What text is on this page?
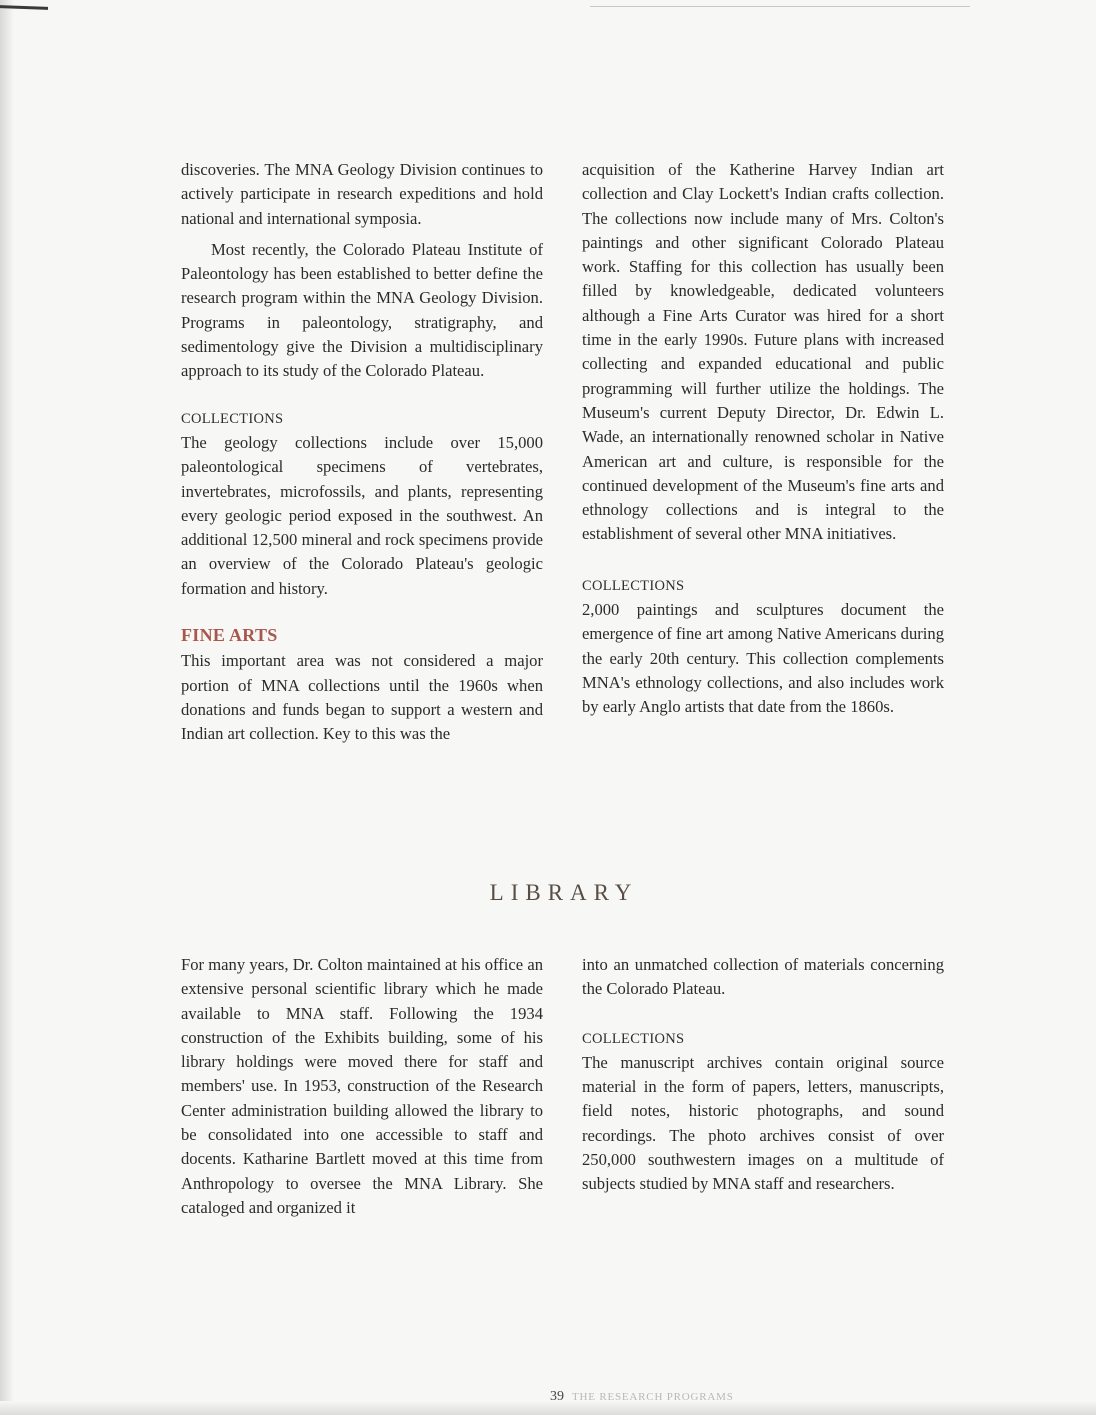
discoveries. The MNA Geology Division continues to actively participate in research expeditions and hold national and international symposia.

Most recently, the Colorado Plateau Institute of Paleontology has been established to better define the research program within the MNA Geology Division. Programs in paleontology, stratigraphy, and sedimentology give the Division a multidisciplinary approach to its study of the Colorado Plateau.

COLLECTIONS

The geology collections include over 15,000 paleontological specimens of vertebrates, invertebrates, microfossils, and plants, representing every geologic period exposed in the southwest. An additional 12,500 mineral and rock specimens provide an overview of the Colorado Plateau's geologic formation and history.

FINE ARTS

This important area was not considered a major portion of MNA collections until the 1960s when donations and funds began to support a western and Indian art collection. Key to this was the

acquisition of the Katherine Harvey Indian art collection and Clay Lockett's Indian crafts collection. The collections now include many of Mrs. Colton's paintings and other significant Colorado Plateau work. Staffing for this collection has usually been filled by knowledgeable, dedicated volunteers although a Fine Arts Curator was hired for a short time in the early 1990s. Future plans with increased collecting and expanded educational and public programming will further utilize the holdings. The Museum's current Deputy Director, Dr. Edwin L. Wade, an internationally renowned scholar in Native American art and culture, is responsible for the continued development of the Museum's fine arts and ethnology collections and is integral to the establishment of several other MNA initiatives.

COLLECTIONS

2,000 paintings and sculptures document the emergence of fine art among Native Americans during the early 20th century. This collection complements MNA's ethnology collections, and also includes work by early Anglo artists that date from the 1860s.

LIBRARY

For many years, Dr. Colton maintained at his office an extensive personal scientific library which he made available to MNA staff. Following the 1934 construction of the Exhibits building, some of his library holdings were moved there for staff and members' use. In 1953, construction of the Research Center administration building allowed the library to be consolidated into one accessible to staff and docents. Katharine Bartlett moved at this time from Anthropology to oversee the MNA Library. She cataloged and organized it

into an unmatched collection of materials concerning the Colorado Plateau.

COLLECTIONS

The manuscript archives contain original source material in the form of papers, letters, manuscripts, field notes, historic photographs, and sound recordings. The photo archives consist of over 250,000 southwestern images on a multitude of subjects studied by MNA staff and researchers.

39 THE RESEARCH PROGRAMS
